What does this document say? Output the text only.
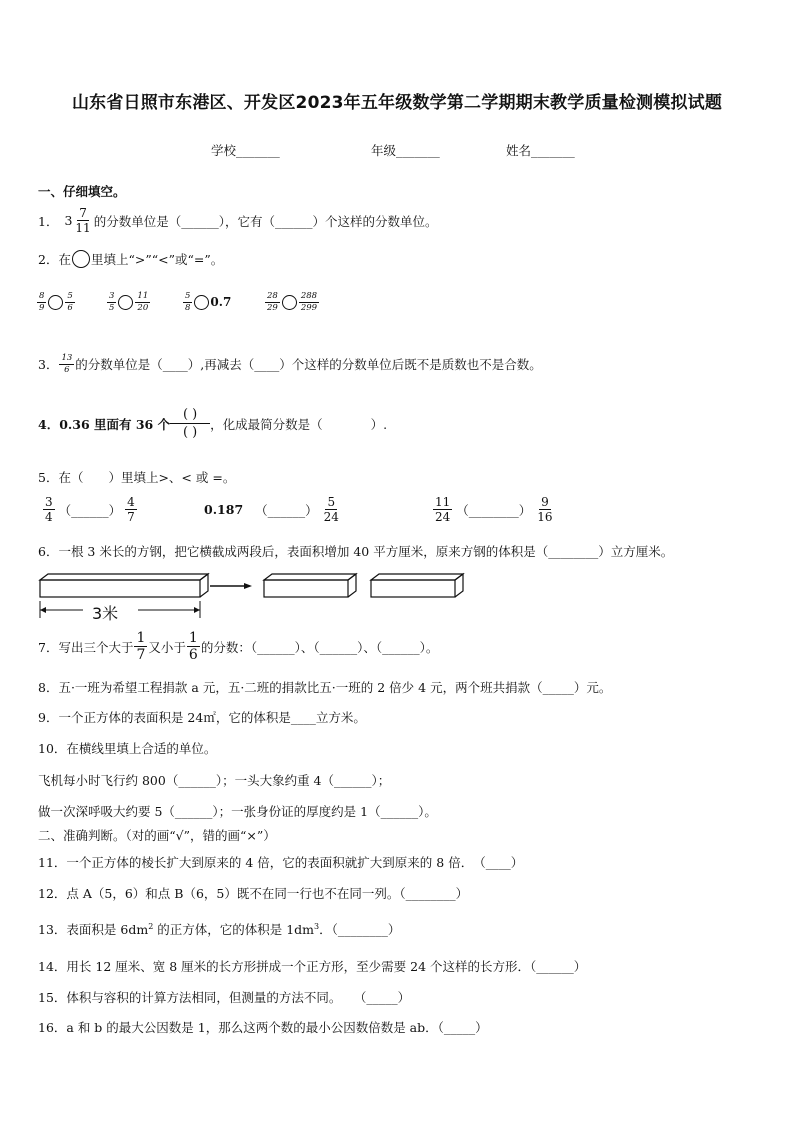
山东省日照市东港区、开发区2023年五年级数学第二学期期末教学质量检测模拟试题
学校_______	年级_______	姓名_______
一、仔细填空。
1． $3 \frac{7}{11}$ 的分数单位是（______），它有（______）个这样的分数单位。
2．在 里填上“>”“<”或“=”。
$\frac{8}{9} \frac{5}{6}$	$\frac{3}{5} \frac{11}{20}$	$\frac{5}{8} 0.7$	$\frac{28}{29} \frac{288}{299}$
3． $\frac{13}{6}$ 的分数单位是（____）,再减去（____）个这样的分数单位后既不是质数也不是合数。
4．0.36 里面有 36 个
( )
( )
，化成最简分数是（	）.
5．在（　　）里填上>、< 或 =。
$\frac{3}{4}$ （______） $\frac{4}{7}$	0.187 （______） $\frac{5}{24}$	$\frac{11}{24}$ （________） $\frac{9}{16}$
6．一根 3 米长的方钢，把它横截成两段后，表面积增加 40 平方厘米，原来方钢的体积是（________）立方厘米。
3米
7．写出三个大于 $\frac{1}{7}$ 又小于 $\frac{1}{6}$ 的分数：（______）、（______）、（______）。
8．五·一班为希望工程捐款 a 元，五·二班的捐款比五·一班的 2 倍少 4 元，两个班共捐款（_____）元。
9．一个正方体的表面积是 24㎡，它的体积是____立方米。
10．在横线里填上合适的单位。
飞机每小时飞行约 800（______）；一头大象约重 4（______）；
做一次深呼吸大约要 5（______）；一张身份证的厚度约是 1（______）。
二、准确判断。（对的画“√”，错的画“×”）
11．一个正方体的棱长扩大到原来的 4 倍，它的表面积就扩大到原来的 8 倍．　（____）
12．点 A（5，6）和点 B（6，5）既不在同一行也不在同一列。（________）
13．表面积是 $6dm^2$ 的正方体，它的体积是 $1dm^3$．（________）
14．用长 12 厘米、宽 8 厘米的长方形拼成一个正方形，至少需要 24 个这样的长方形．（______）
15．体积与容积的计算方法相同，但测量的方法不同。　　（_____）
16．a 和 b 的最大公因数是 1，那么这两个数的最小公因数倍数是 ab．（_____）
